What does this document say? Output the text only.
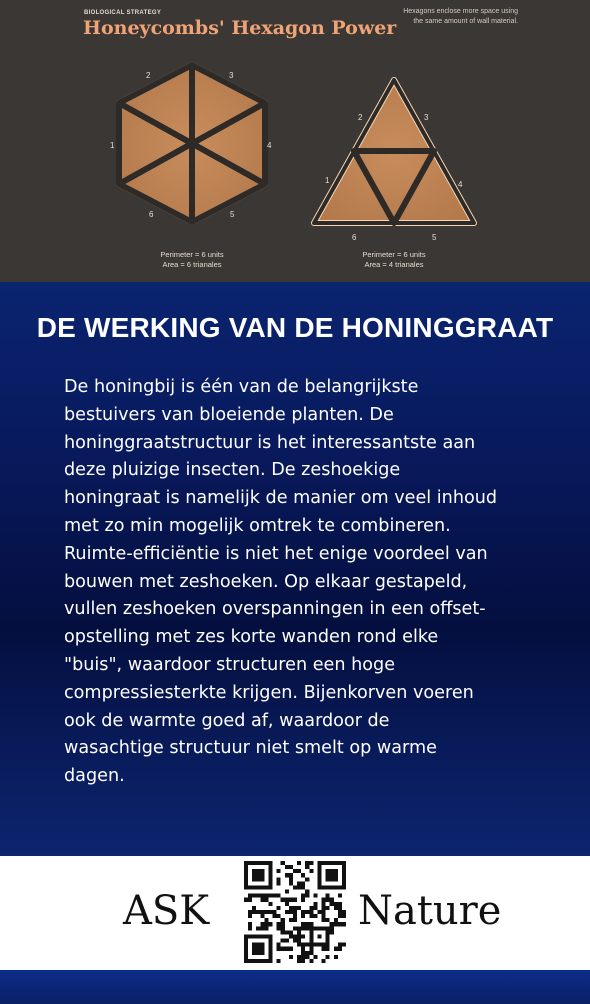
BIOLOGICAL STRATEGY
Honeycombs' Hexagon Power
Hexagons enclose more space using the same amount of wall material.
1
2	3
4
5
6
1
2	3
4
5
6
Perimeter = 6 units
Area = 6 trianales
Perimeter = 6 units
Area = 4 trianales
DE WERKING VAN DE HONINGGRAAT

De honingbij is één van de belangrijkste
bestuivers van bloeiende planten. De
honinggraatstructuur is het interessantste aan
deze pluizige insecten. De zeshoekige
honingraat is namelijk de manier om veel inhoud
met zo min mogelijk omtrek te combineren.
Ruimte-efficiëntie is niet het enige voordeel van
bouwen met zeshoeken. Op elkaar gestapeld,
vullen zeshoeken overspanningen in een offset-
opstelling met zes korte wanden rond elke
"buis", waardoor structuren een hoge
compressiesterkte krijgen. Bijenkorven voeren
ook de warmte goed af, waardoor de
wasachtige structuur niet smelt op warme
dagen.

ASK	Nature
